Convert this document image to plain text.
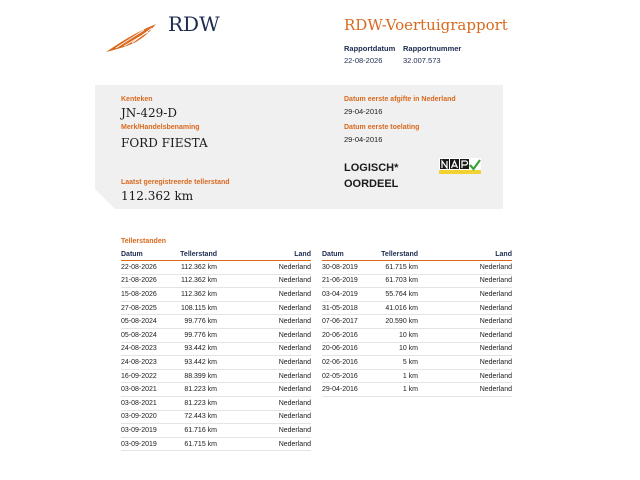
RDW	RDW-Voertuigrapport
Rapportdatum
22-08-2026
Rapportnummer
32.007.573
Kenteken
JN-429-D
Merk/Handelsbenaming
FORD FIESTA
Laatst geregistreerde tellerstand
112.362 km
Datum eerste afgifte in Nederland
29-04-2016
Datum eerste toelating
29-04-2016
LOGISCH*
OORDEEL
Tellerstanden
Datum	Tellerstand	Land
22-08-2026	112.362 km	Nederland
21-08-2026	112.362 km	Nederland
15-08-2026	112.362 km	Nederland
27-08-2025	108.115 km	Nederland
05-08-2024	99.776 km	Nederland
05-08-2024	99.776 km	Nederland
24-08-2023	93.442 km	Nederland
24-08-2023	93.442 km	Nederland
16-09-2022	88.399 km	Nederland
03-08-2021	81.223 km	Nederland
03-08-2021	81.223 km	Nederland
03-09-2020	72.443 km	Nederland
03-09-2019	61.716 km	Nederland
03-09-2019	61.715 km	Nederland
Datum	Tellerstand	Land
30-08-2019	61.715 km	Nederland
21-06-2019	61.703 km	Nederland
03-04-2019	55.764 km	Nederland
31-05-2018	41.016 km	Nederland
07-06-2017	20.590 km	Nederland
20-06-2016	10 km	Nederland
20-06-2016	10 km	Nederland
02-06-2016	5 km	Nederland
02-05-2016	1 km	Nederland
29-04-2016	1 km	Nederland
